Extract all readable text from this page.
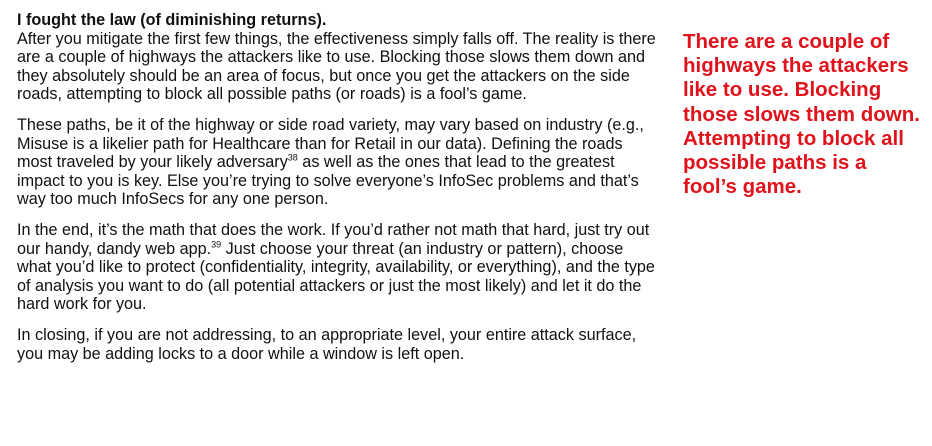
I fought the law (of diminishing returns).
After you mitigate the first few things, the effectiveness simply falls off. The reality is there are a couple of highways the attackers like to use. Blocking those slows them down and they absolutely should be an area of focus, but once you get the attackers on the side roads, attempting to block all possible paths (or roads) is a fool’s game.

These paths, be it of the highway or side road variety, may vary based on industry (e.g., Misuse is a likelier path for Healthcare than for Retail in our data). Defining the roads most traveled by your likely adversary$^{38}$ as well as the ones that lead to the greatest impact to you is key. Else you’re trying to solve everyone’s InfoSec problems and that’s way too much InfoSecs for any one person.

In the end, it’s the math that does the work. If you’d rather not math that hard, just try out our handy, dandy web app.$^{39}$ Just choose your threat (an industry or pattern), choose what you’d like to protect (confidentiality, integrity, availability, or everything), and the type of analysis you want to do (all potential attackers or just the most likely) and let it do the hard work for you.

In closing, if you are not addressing, to an appropriate level, your entire attack surface, you may be adding locks to a door while a window is left open.

There are a couple of highways the attackers like to use. Blocking those slows them down. Attempting to block all possible paths is a fool’s game.
